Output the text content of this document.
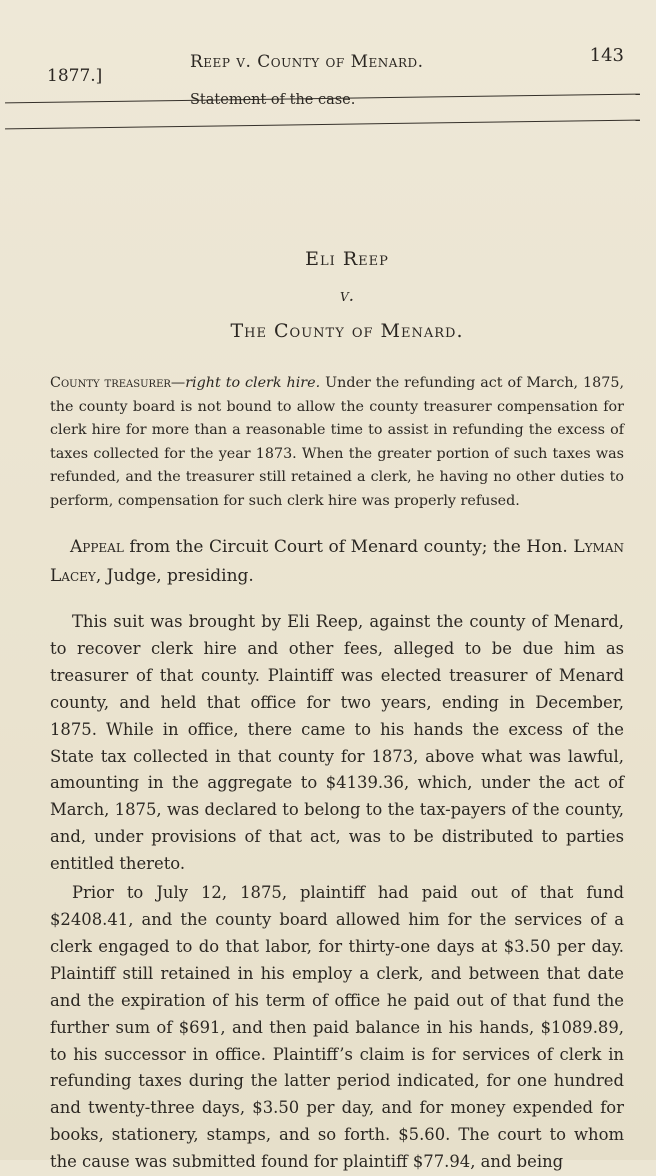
1877.]
Reep v. County of Menard.	143
Statement of the case.
Eli Reep
v.
The County of Menard.
County treasurer—right to clerk hire. Under the refunding act of March, 1875, the county board is not bound to allow the county treasurer compensation for clerk hire for more than a reasonable time to assist in refunding the excess of taxes collected for the year 1873. When the greater portion of such taxes was refunded, and the treasurer still retained a clerk, he having no other duties to perform, compensation for such clerk hire was properly refused.
Appeal from the Circuit Court of Menard county; the Hon. Lyman Lacey, Judge, presiding.

This suit was brought by Eli Reep, against the county of Menard, to recover clerk hire and other fees, alleged to be due him as treasurer of that county. Plaintiff was elected treasurer of Menard county, and held that office for two years, ending in December, 1875. While in office, there came to his hands the excess of the State tax collected in that county for 1873, above what was lawful, amounting in the aggregate to $4139.36, which, under the act of March, 1875, was declared to belong to the tax-payers of the county, and, under provisions of that act, was to be distributed to parties entitled thereto.

Prior to July 12, 1875, plaintiff had paid out of that fund $2408.41, and the county board allowed him for the services of a clerk engaged to do that labor, for thirty-one days at $3.50 per day. Plaintiff still retained in his employ a clerk, and between that date and the expiration of his term of office he paid out of that fund the further sum of $691, and then paid balance in his hands, $1089.89, to his successor in office. Plaintiff’s claim is for services of clerk in refunding taxes during the latter period indicated, for one hundred and twenty-three days, $3.50 per day, and for money expended for books, stationery, stamps, and so forth. $5.60. The court to whom the cause was submitted found for plaintiff $77.94, and being
